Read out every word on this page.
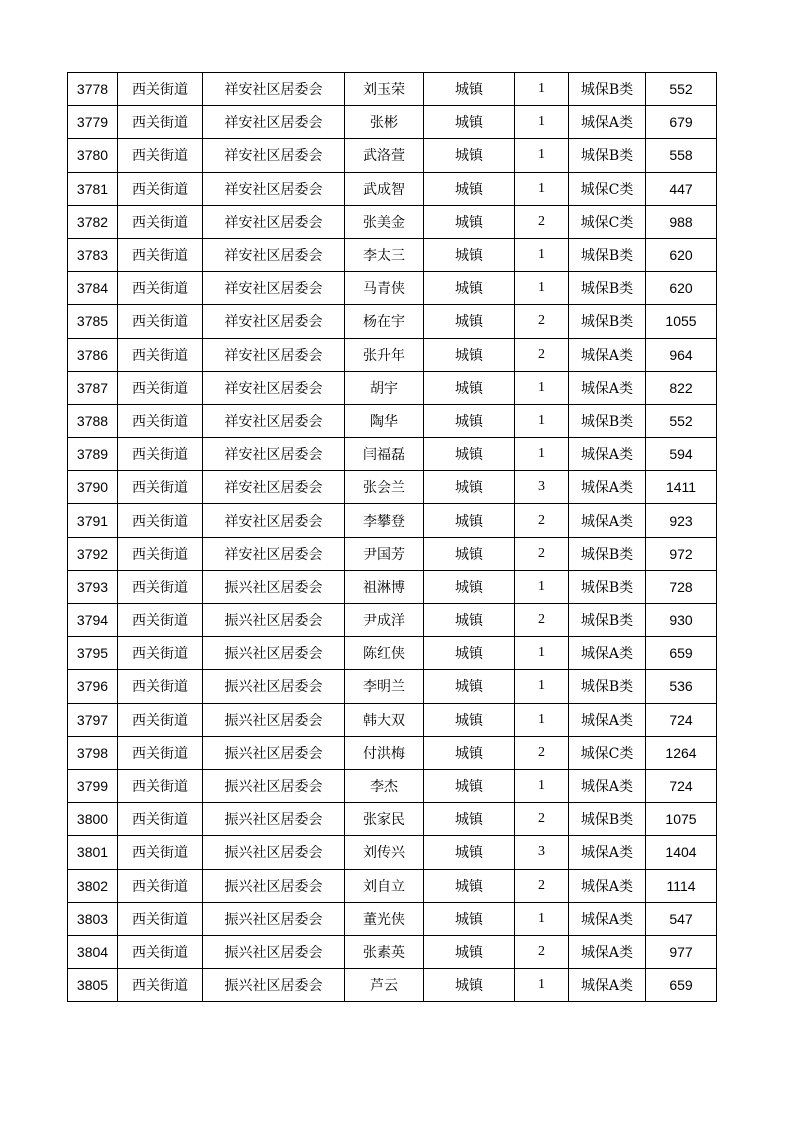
3778	西关街道	祥安社区居委会	刘玉荣	城镇	1	城保B类	552
3779	西关街道	祥安社区居委会	张彬	城镇	1	城保A类	679
3780	西关街道	祥安社区居委会	武洛萱	城镇	1	城保B类	558
3781	西关街道	祥安社区居委会	武成智	城镇	1	城保C类	447
3782	西关街道	祥安社区居委会	张美金	城镇	2	城保C类	988
3783	西关街道	祥安社区居委会	李太三	城镇	1	城保B类	620
3784	西关街道	祥安社区居委会	马青侠	城镇	1	城保B类	620
3785	西关街道	祥安社区居委会	杨在宇	城镇	2	城保B类	1055
3786	西关街道	祥安社区居委会	张升年	城镇	2	城保A类	964
3787	西关街道	祥安社区居委会	胡宇	城镇	1	城保A类	822
3788	西关街道	祥安社区居委会	陶华	城镇	1	城保B类	552
3789	西关街道	祥安社区居委会	闫福磊	城镇	1	城保A类	594
3790	西关街道	祥安社区居委会	张会兰	城镇	3	城保A类	1411
3791	西关街道	祥安社区居委会	李攀登	城镇	2	城保A类	923
3792	西关街道	祥安社区居委会	尹国芳	城镇	2	城保B类	972
3793	西关街道	振兴社区居委会	祖淋博	城镇	1	城保B类	728
3794	西关街道	振兴社区居委会	尹成洋	城镇	2	城保B类	930
3795	西关街道	振兴社区居委会	陈红侠	城镇	1	城保A类	659
3796	西关街道	振兴社区居委会	李明兰	城镇	1	城保B类	536
3797	西关街道	振兴社区居委会	韩大双	城镇	1	城保A类	724
3798	西关街道	振兴社区居委会	付洪梅	城镇	2	城保C类	1264
3799	西关街道	振兴社区居委会	李杰	城镇	1	城保A类	724
3800	西关街道	振兴社区居委会	张家民	城镇	2	城保B类	1075
3801	西关街道	振兴社区居委会	刘传兴	城镇	3	城保A类	1404
3802	西关街道	振兴社区居委会	刘自立	城镇	2	城保A类	1114
3803	西关街道	振兴社区居委会	董光侠	城镇	1	城保A类	547
3804	西关街道	振兴社区居委会	张素英	城镇	2	城保A类	977
3805	西关街道	振兴社区居委会	芦云	城镇	1	城保A类	659
